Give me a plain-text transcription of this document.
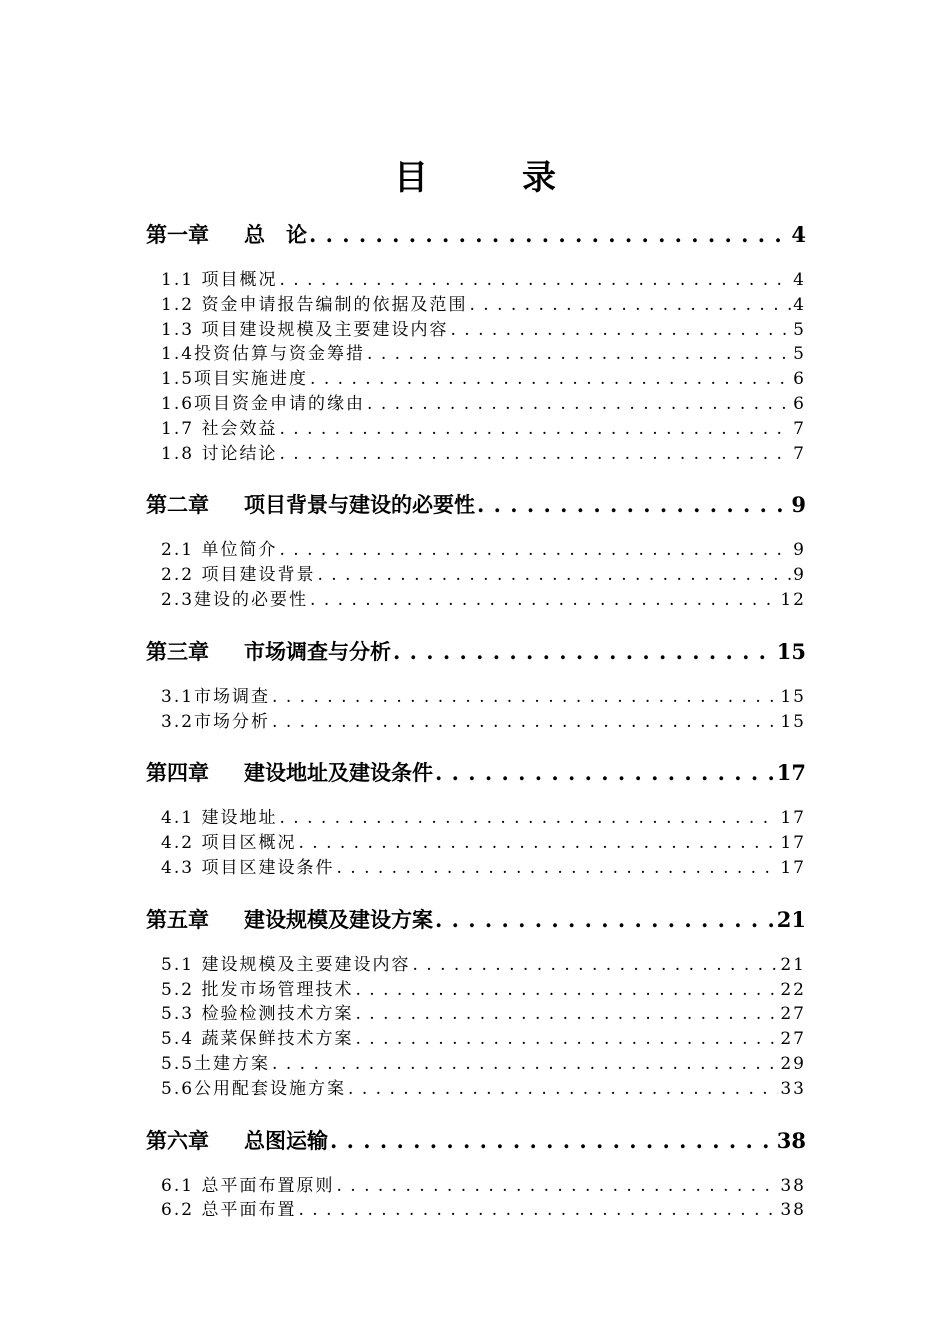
目　录
第一章 总　论 . . .	4
1.1 项目概况 . . .	4
1.2 资金申请报告编制的依据及范围 . . .	4
1.3 项目建设规模及主要建设内容 . . .	5
1.4投资估算与资金筹措 . . .	5
1.5项目实施进度 . . .	6
1.6项目资金申请的缘由 . . .	6
1.7 社会效益 . . .	7
1.8 讨论结论 . . .	7
第二章 项目背景与建设的必要性 . . .	9
2.1 单位简介 . . .	9
2.2 项目建设背景 . . .	9
2.3建设的必要性 . . .	12
第三章 市场调查与分析 . . .	15
3.1市场调查 . . .	15
3.2市场分析 . . .	15
第四章 建设地址及建设条件 . . .	17
4.1 建设地址 . . .	17
4.2 项目区概况 . . .	17
4.3 项目区建设条件 . . .	17
第五章 建设规模及建设方案 . . .	21
5.1 建设规模及主要建设内容 . . .	21
5.2 批发市场管理技术 . . .	22
5.3 检验检测技术方案 . . .	27
5.4 蔬菜保鲜技术方案 . . .	27
5.5土建方案 . . .	29
5.6公用配套设施方案 . . .	33
第六章 总图运输 . . .	38
6.1 总平面布置原则 . . .	38
6.2 总平面布置 . . .	38
